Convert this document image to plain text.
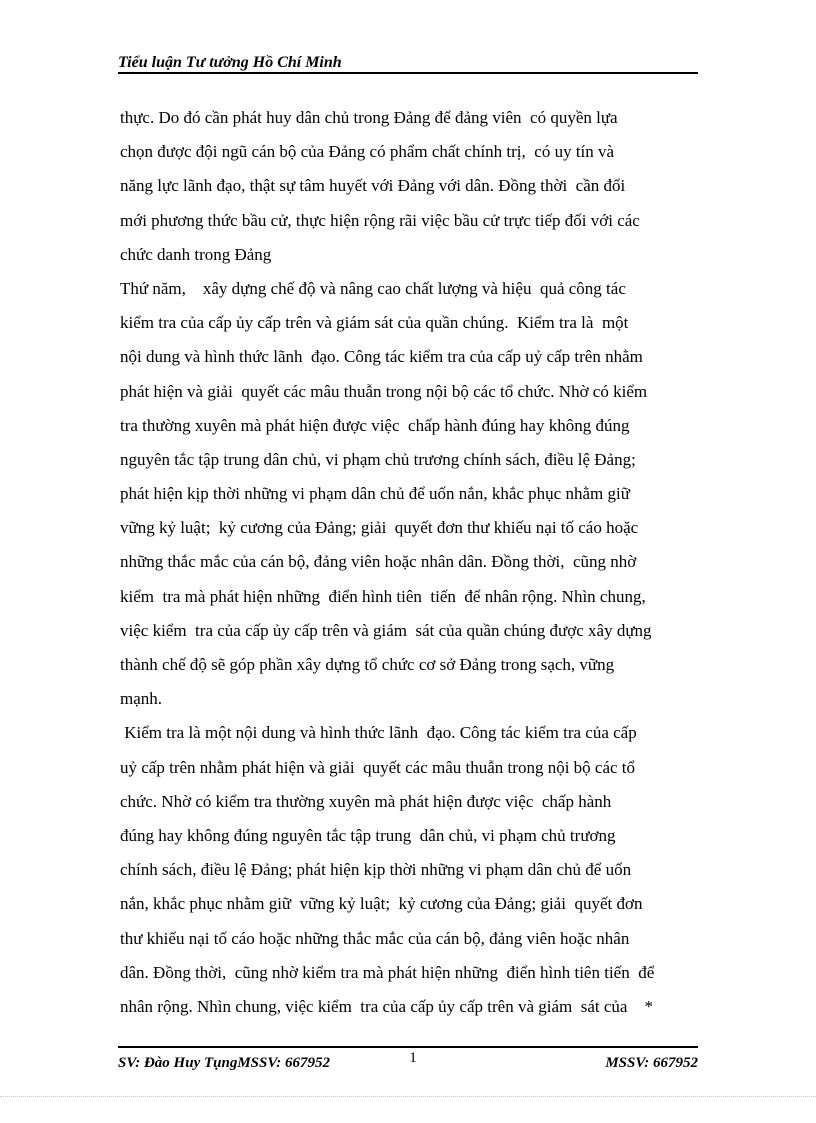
Tiểu luận Tư tưởng Hồ Chí Minh
thực. Do đó cần phát huy dân chủ trong Đảng để đảng viên  có quyền lựa
chọn được đội ngũ cán bộ của Đảng có phẩm chất chính trị,  có uy tín và
năng lực lãnh đạo, thật sự tâm huyết với Đảng với dân. Đồng thời  cần đổi
mới phương thức bầu cử, thực hiện rộng rãi việc bầu cử trực tiếp đối với các
chức danh trong Đảng
Thứ năm,    xây dựng chế độ và nâng cao chất lượng và hiệu  quả công tác
kiểm tra của cấp ủy cấp trên và giám sát của quần chúng.  Kiểm tra là  một
nội dung và hình thức lãnh  đạo. Công tác kiểm tra của cấp uỷ cấp trên nhằm
phát hiện và giải  quyết các mâu thuẫn trong nội bộ các tổ chức. Nhờ có kiểm
tra thường xuyên mà phát hiện được việc  chấp hành đúng hay không đúng
nguyên tắc tập trung dân chủ, vi phạm chủ trương chính sách, điều lệ Đảng;
phát hiện kịp thời những vi phạm dân chủ để uốn nắn, khắc phục nhằm giữ
vững kỷ luật;  kỷ cương của Đảng; giải  quyết đơn thư khiếu nại tố cáo hoặc
những thắc mắc của cán bộ, đảng viên hoặc nhân dân. Đồng thời,  cũng nhờ
kiểm  tra mà phát hiện những  điển hình tiên  tiến  để nhân rộng. Nhìn chung,
việc kiểm  tra của cấp ủy cấp trên và giám  sát của quần chúng được xây dựng
thành chế độ sẽ góp phần xây dựng tổ chức cơ sở Đảng trong sạch, vững
mạnh.
Kiểm tra là một nội dung và hình thức lãnh  đạo. Công tác kiểm tra của cấp
uỷ cấp trên nhằm phát hiện và giải  quyết các mâu thuẫn trong nội bộ các tổ
chức. Nhờ có kiểm tra thường xuyên mà phát hiện được việc  chấp hành
đúng hay không đúng nguyên tắc tập trung  dân chủ, vi phạm chủ trương
chính sách, điều lệ Đảng; phát hiện kịp thời những vi phạm dân chủ để uốn
nắn, khắc phục nhằm giữ  vững kỷ luật;  kỷ cương của Đảng; giải  quyết đơn
thư khiếu nại tố cáo hoặc những thắc mắc của cán bộ, đảng viên hoặc nhân
dân. Đồng thời,  cũng nhờ kiểm tra mà phát hiện những  điển hình tiên tiến  để
nhân rộng. Nhìn chung, việc kiểm  tra của cấp ủy cấp trên và giám  sát của    *
SV: Đào Huy TụngMSSV: 667952	1	MSSV: 667952
